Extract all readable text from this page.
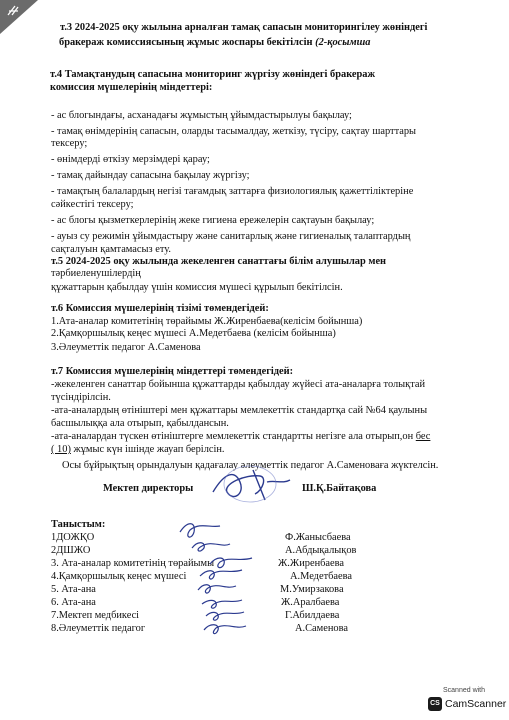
т.3 2024-2025 оқу жылына арналған тамақ сапасын мониторингілеу жөніндегі
бракераж комиссиясының жұмыс жоспары бекітілсін (2-қосымша
т.4 Тамақтанудың сапасына мониторинг жүргізу жөніндегі бракераж
комиссия мүшелерінің міндеттері:
- ас блогындағы, асханадағы жұмыстың ұйымдастырылуы бақылау;
- тамақ өнімдерінің сапасын, оларды тасымалдау, жеткізу, түсіру, сақтау шарттары
тексеру;
- өнімдерді өткізу мерзімдері қарау;
- тамақ дайындау сапасына бақылау жүргізу;
- тамақтың балалардың негізі тағамдық заттарға физиологиялық қажеттіліктеріне
сәйкестігі тексеру;
- ас блогы қызметкерлерінің жеке гигиена ережелерін сақтауын бақылау;
- ауыз су режимін ұйымдастыру және санитарлық және гигиеналық талаптардың
сақталуын қамтамасыз ету.
т.5 2024-2025 оқу жылында жекеленген санаттағы білім алушылар мен
тәрбиеленушілердің
құжаттарын қабылдау үшін комиссия мүшесі құрылып бекітілсін.
т.6 Комиссия мүшелерінің тізімі төмендегідей:
1.Ата-аналар комитетінің төрайымы Ж.Жиренбаева(келісім бойынша)
2.Қамқоршылық кеңес мүшесі А.Медетбаева (келісім бойынша)
3.Әлеуметтік педагог А.Саменова
т.7 Комиссия мүшелерінің міндеттері төмендегідей:
-жекеленген санаттар бойынша құжаттарды қабылдау жүйесі ата-аналарға толықтай
түсіндірілсін.
-ата-аналардың өтініштері мен құжаттары мемлекеттік стандартқа сай №64 қаулыны
басшылыққа ала отырып, қабылдансын.
-ата-аналардан түскен өтініштерге мемлекеттік стандартты негізге ала отырып,он бес
( 10) жұмыс күн ішінде жауап берілсін.
Осы бұйрықтың орындалуын қадағалау әлеуметтік педагог А.Саменоваға жүктелсін.
Мектеп директоры	Ш.Қ.Байтақова
Таныстым:
1ДОЖҚО	Ф.Жанысбаева
2ДШЖО	А.Абдықалықов
3. Ата-аналар комитетінің төрайымы	Ж.Жиренбаева
4.Қамқоршылық кеңес мүшесі	А.Медетбаева
5. Ата-ана	М.Умирзакова
6. Ата-ана	Ж.Аралбаева
7.Мектеп медбикесі	Г.Абилдаева
8.Әлеуметтік педагог	А.Саменова
Scanned with
CS CamScanner
